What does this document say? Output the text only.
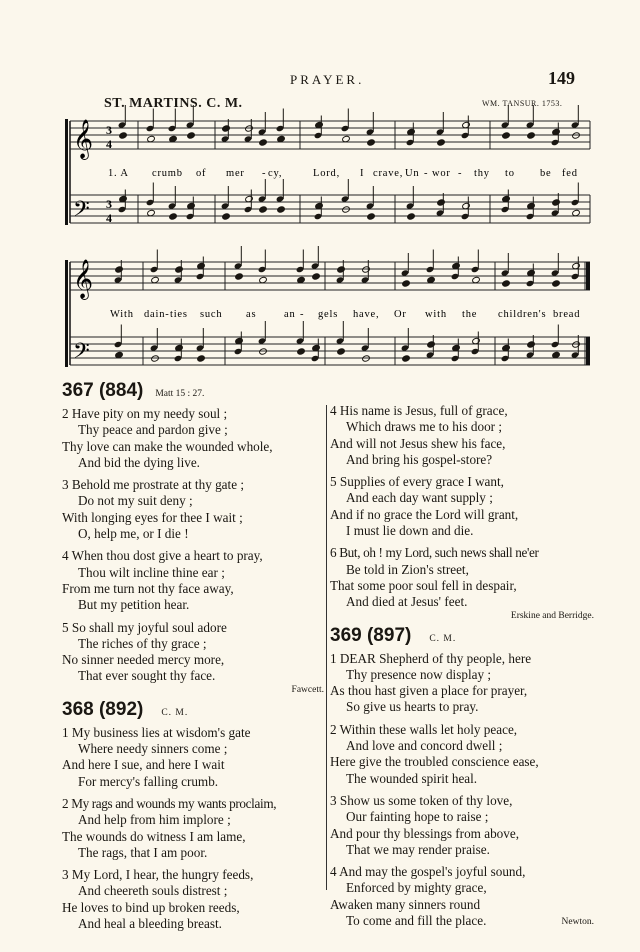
PRAYER.	149
ST. MARTINS. C. M.	WM. TANSUR. 1753.
𝄞
𝄢
𝄞
𝄢
3
4
3
4
1. A crumb of mer - cy,	Lord, I crave, Un - wor - thy to be fed
With dain- ties such as	an - gels have, Or with the children's bread
367 (884) Matt 15 : 27.
2 Have pity on my needy soul ;
Thy peace and pardon give ;
Thy love can make the wounded whole,
And bid the dying live.
3 Behold me prostrate at thy gate ;
Do not my suit deny ;
With longing eyes for thee I wait ;
O, help me, or I die !
4 When thou dost give a heart to pray,
Thou wilt incline thine ear ;
From me turn not thy face away,
But my petition hear.
5 So shall my joyful soul adore
The riches of thy grace ;
No sinner needed mercy more,
That ever sought thy face.
Fawcett.
368 (892) C. M.
1 My business lies at wisdom's gate
Where needy sinners come ;
And here I sue, and here I wait
For mercy's falling crumb.
2 My rags and wounds my wants proclaim,
And help from him implore ;
The wounds do witness I am lame,
The rags, that I am poor.
3 My Lord, I hear, the hungry feeds,
And cheereth souls distrest ;
He loves to bind up broken reeds,
And heal a bleeding breast.
4 His name is Jesus, full of grace,
Which draws me to his door ;
And will not Jesus shew his face,
And bring his gospel-store?
5 Supplies of every grace I want,
And each day want supply ;
And if no grace the Lord will grant,
I must lie down and die.
6 But, oh ! my Lord, such news shall ne'er
Be told in Zion's street,
That some poor soul fell in despair,
And died at Jesus' feet.
Erskine and Berridge.
369 (897) C. M.
1 DEAR Shepherd of thy people, here
Thy presence now display ;
As thou hast given a place for prayer,
So give us hearts to pray.
2 Within these walls let holy peace,
And love and concord dwell ;
Here give the troubled conscience ease,
The wounded spirit heal.
3 Show us some token of thy love,
Our fainting hope to raise ;
And pour thy blessings from above,
That we may render praise.
4 And may the gospel's joyful sound,
Enforced by mighty grace,
Awaken many sinners round
To come and fill the place.	Newton.
